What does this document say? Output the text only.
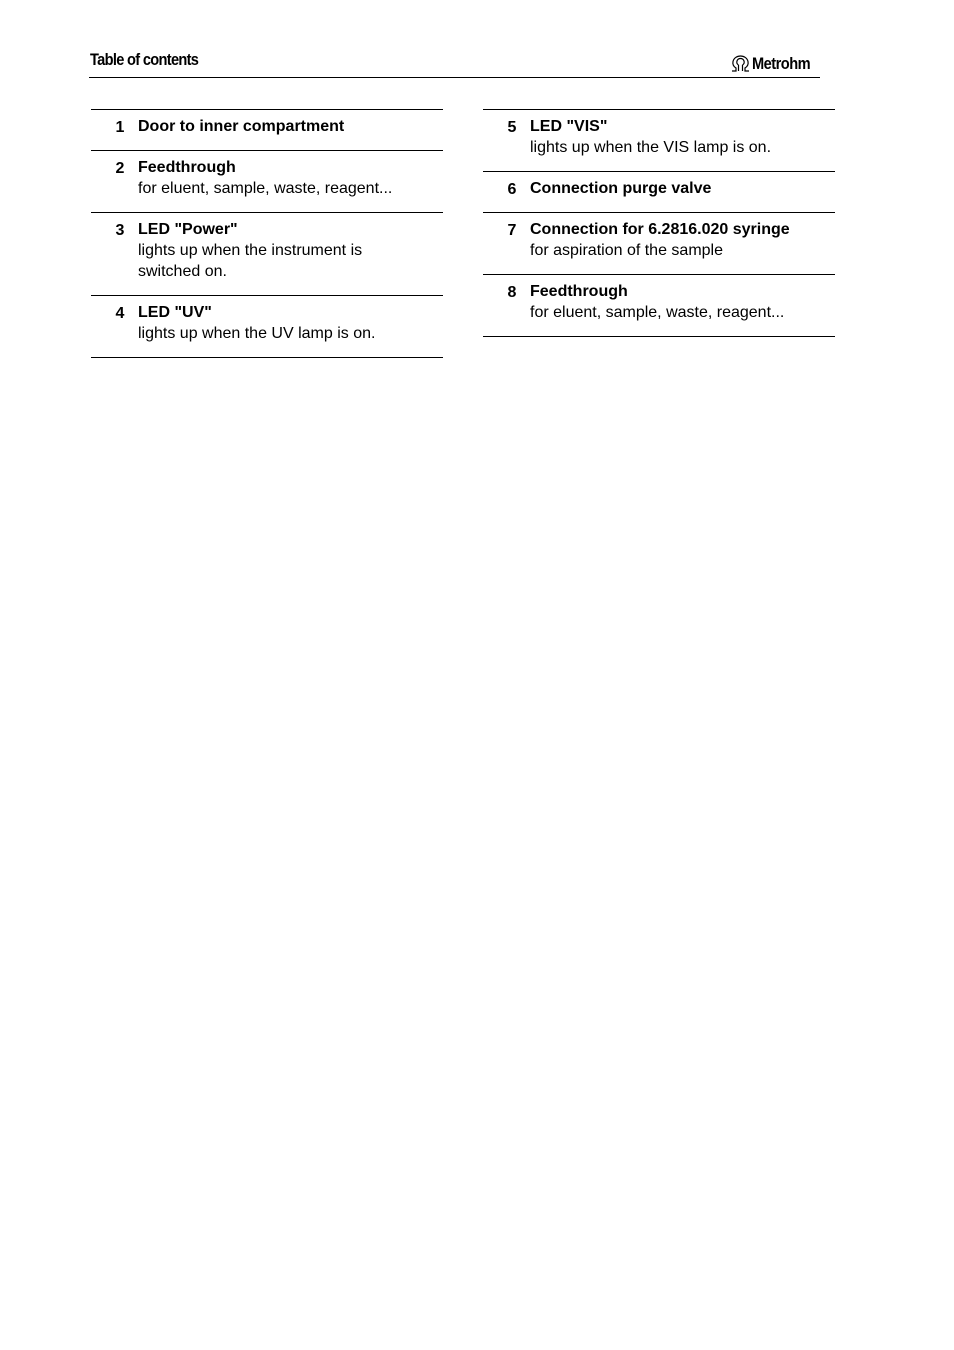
Table of contents	Metrohm
1 Door to inner compartment
2 Feedthrough
for eluent, sample, waste, reagent...
3 LED "Power"
lights up when the instrument is
switched on.
4 LED "UV"
lights up when the UV lamp is on.
5 LED "VIS"
lights up when the VIS lamp is on.
6 Connection purge valve
7 Connection for 6.2816.020 syringe
for aspiration of the sample
8 Feedthrough
for eluent, sample, waste, reagent...
